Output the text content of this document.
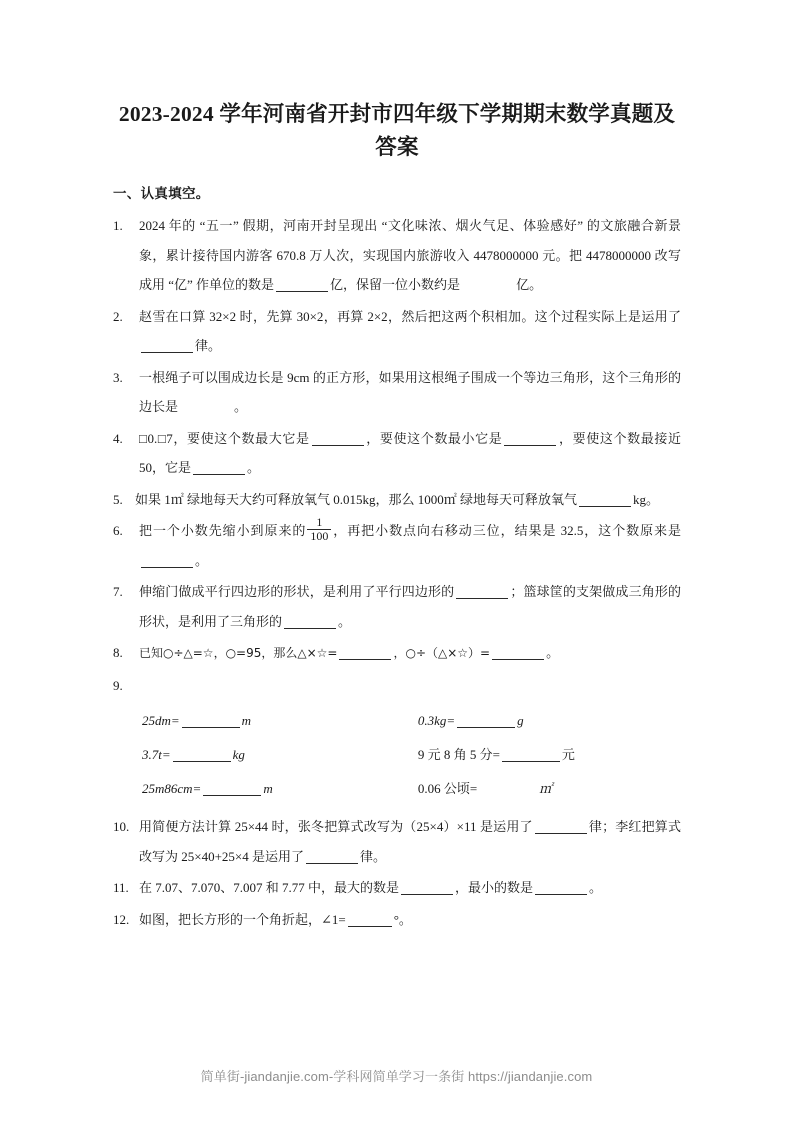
2023-2024 学年河南省开封市四年级下学期期末数学真题及答案
一、认真填空。
1.	2024 年的 “五一” 假期，河南开封呈现出 “文化味浓、烟火气足、体验感好” 的文旅融合新景象，累计接待国内游客 670.8 万人次，实现国内旅游收入 4478000000 元。把 4478000000 改写成用 “亿” 作单位的数是	亿，保留一位小数约是	亿。
2.	赵雪在口算 32×2 时，先算 30×2，再算 2×2，然后把这两个积相加。这个过程实际上是运用了律。
3.	一根绳子可以围成边长是 9cm 的正方形，如果用这根绳子围成一个等边三角形，这个三角形的边长是	。
4.	□0.□7，要使这个数最大它是	，要使这个数最小它是	，要使这个数最接近 50，它是	。
5. 如果 1㎡ 绿地每天大约可释放氧气 0.015kg，那么 1000㎡ 绿地每天可释放氧气	kg。
6.	把一个小数先缩小到原来的 $\frac{1}{100}$ ，再把小数点向右移动三位，结果是 32.5，这个数原来是。
7.	伸缩门做成平行四边形的形状，是利用了平行四边形的	；篮球筐的支架做成三角形的形状，是利用了三角形的	。
8.	已知○÷△=☆，○=95，那么△×☆=	，○÷（△×☆）=	。
9.

25dm=	m	0.3kg=	g
3.7t=	kg	9 元 8 角 5 分=	元
25m86cm=	m	0.06 公顷=	㎡
10. 用简便方法计算 25×44 时，张冬把算式改写为（25×4）×11 是运用了	律；李红把算式改写为 25×40+25×4 是运用了	律。
11. 在 7.07、7.070、7.007 和 7.77 中，最大的数是	，最小的数是	。
12. 如图，把长方形的一个角折起，∠1=	°。
简单街-jiandanjie.com-学科网简单学习一条街 https://jiandanjie.com
